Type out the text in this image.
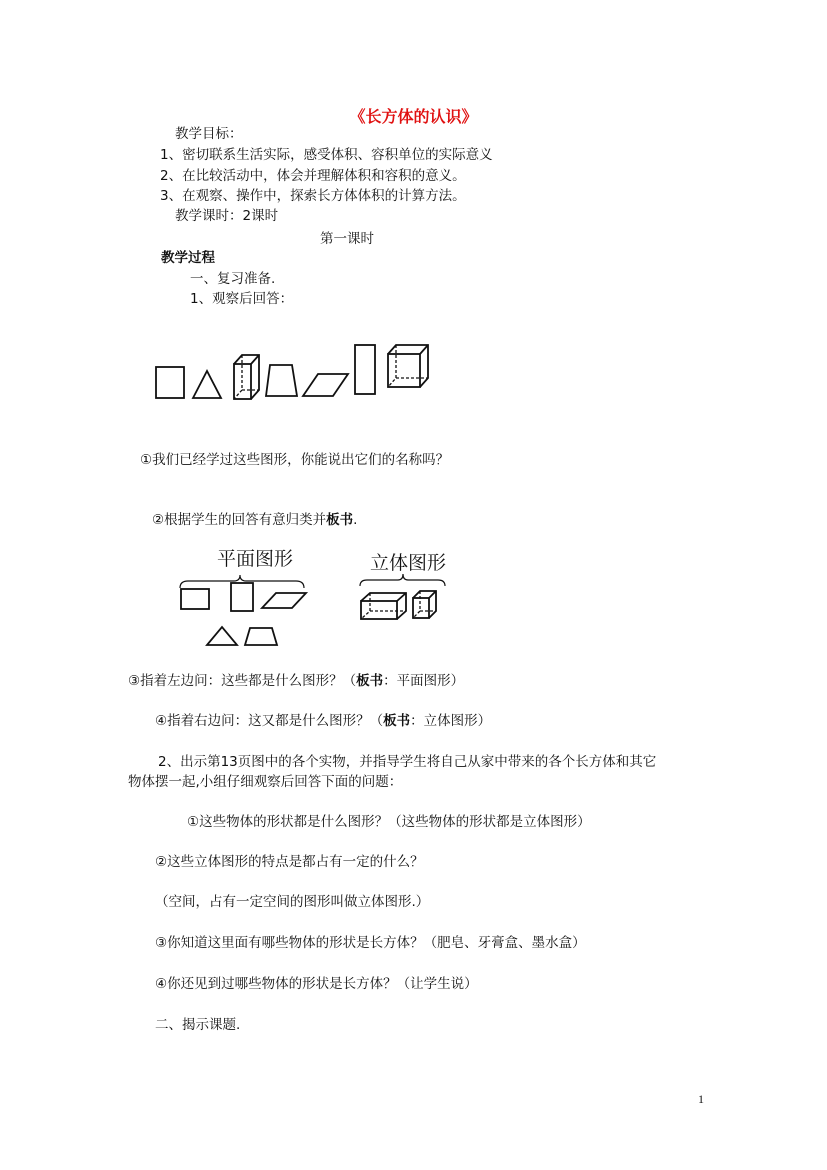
《长方体的认识》
教学目标：
1、密切联系生活实际，感受体积、容积单位的实际意义
2、在比较活动中，体会并理解体积和容积的意义。
3、在观察、操作中，探索长方体体积的计算方法。
教学课时：2课时
第一课时
教学过程
一、复习准备.
1、观察后回答：
①我们已经学过这些图形，你能说出它们的名称吗？
②根据学生的回答有意归类并板书.
平面图形	立体图形
③指着左边问：这些都是什么图形？（板书：平面图形）
④指着右边问：这又都是什么图形？（板书：立体图形）
2、出示第13页图中的各个实物，并指导学生将自己从家中带来的各个长方体和其它
物体摆一起,小组仔细观察后回答下面的问题：
①这些物体的形状都是什么图形？（这些物体的形状都是立体图形）
②这些立体图形的特点是都占有一定的什么？
（空间，占有一定空间的图形叫做立体图形.）
③你知道这里面有哪些物体的形状是长方体？（肥皂、牙膏盒、墨水盒）
④你还见到过哪些物体的形状是长方体？（让学生说）
二、揭示课题.
1
